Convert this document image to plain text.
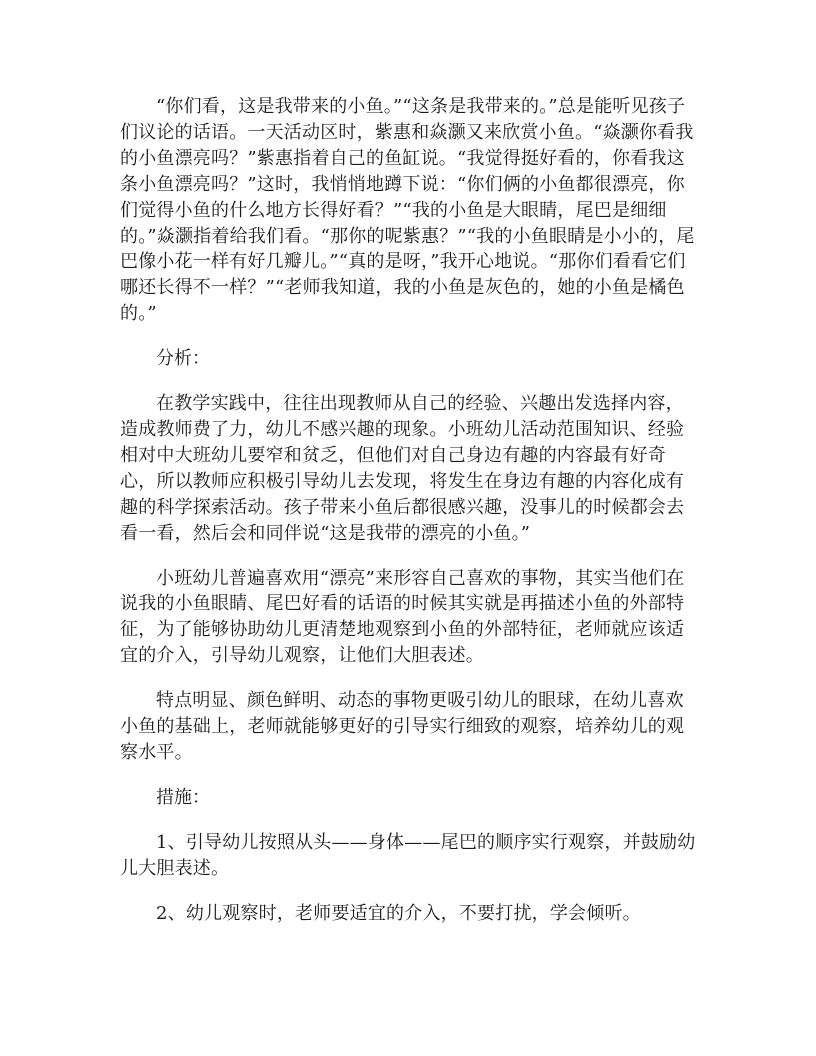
“你们看，这是我带来的小鱼。”“这条是我带来的。”总是能听见孩子们议论的话语。一天活动区时，紫惠和焱灏又来欣赏小鱼。“焱灏你看我的小鱼漂亮吗？”紫惠指着自己的鱼缸说。“我觉得挺好看的，你看我这条小鱼漂亮吗？”这时，我悄悄地蹲下说：“你们俩的小鱼都很漂亮，你们觉得小鱼的什么地方长得好看？”“我的小鱼是大眼睛，尾巴是细细的。”焱灏指着给我们看。“那你的呢紫惠？”“我的小鱼眼睛是小小的，尾巴像小花一样有好几瓣儿。”“真的是呀，”我开心地说。“那你们看看它们哪还长得不一样？”“老师我知道，我的小鱼是灰色的，她的小鱼是橘色的。”

分析：

在教学实践中，往往出现教师从自己的经验、兴趣出发选择内容，造成教师费了力，幼儿不感兴趣的现象。小班幼儿活动范围知识、经验相对中大班幼儿要窄和贫乏，但他们对自己身边有趣的内容最有好奇心，所以教师应积极引导幼儿去发现，将发生在身边有趣的内容化成有趣的科学探索活动。孩子带来小鱼后都很感兴趣，没事儿的时候都会去看一看，然后会和同伴说“这是我带的漂亮的小鱼。”

小班幼儿普遍喜欢用“漂亮”来形容自己喜欢的事物，其实当他们在说我的小鱼眼睛、尾巴好看的话语的时候其实就是再描述小鱼的外部特征，为了能够协助幼儿更清楚地观察到小鱼的外部特征，老师就应该适宜的介入，引导幼儿观察，让他们大胆表述。

特点明显、颜色鲜明、动态的事物更吸引幼儿的眼球，在幼儿喜欢小鱼的基础上，老师就能够更好的引导实行细致的观察，培养幼儿的观察水平。

措施：

1、引导幼儿按照从头——身体——尾巴的顺序实行观察，并鼓励幼儿大胆表述。

2、幼儿观察时，老师要适宜的介入，不要打扰，学会倾听。
